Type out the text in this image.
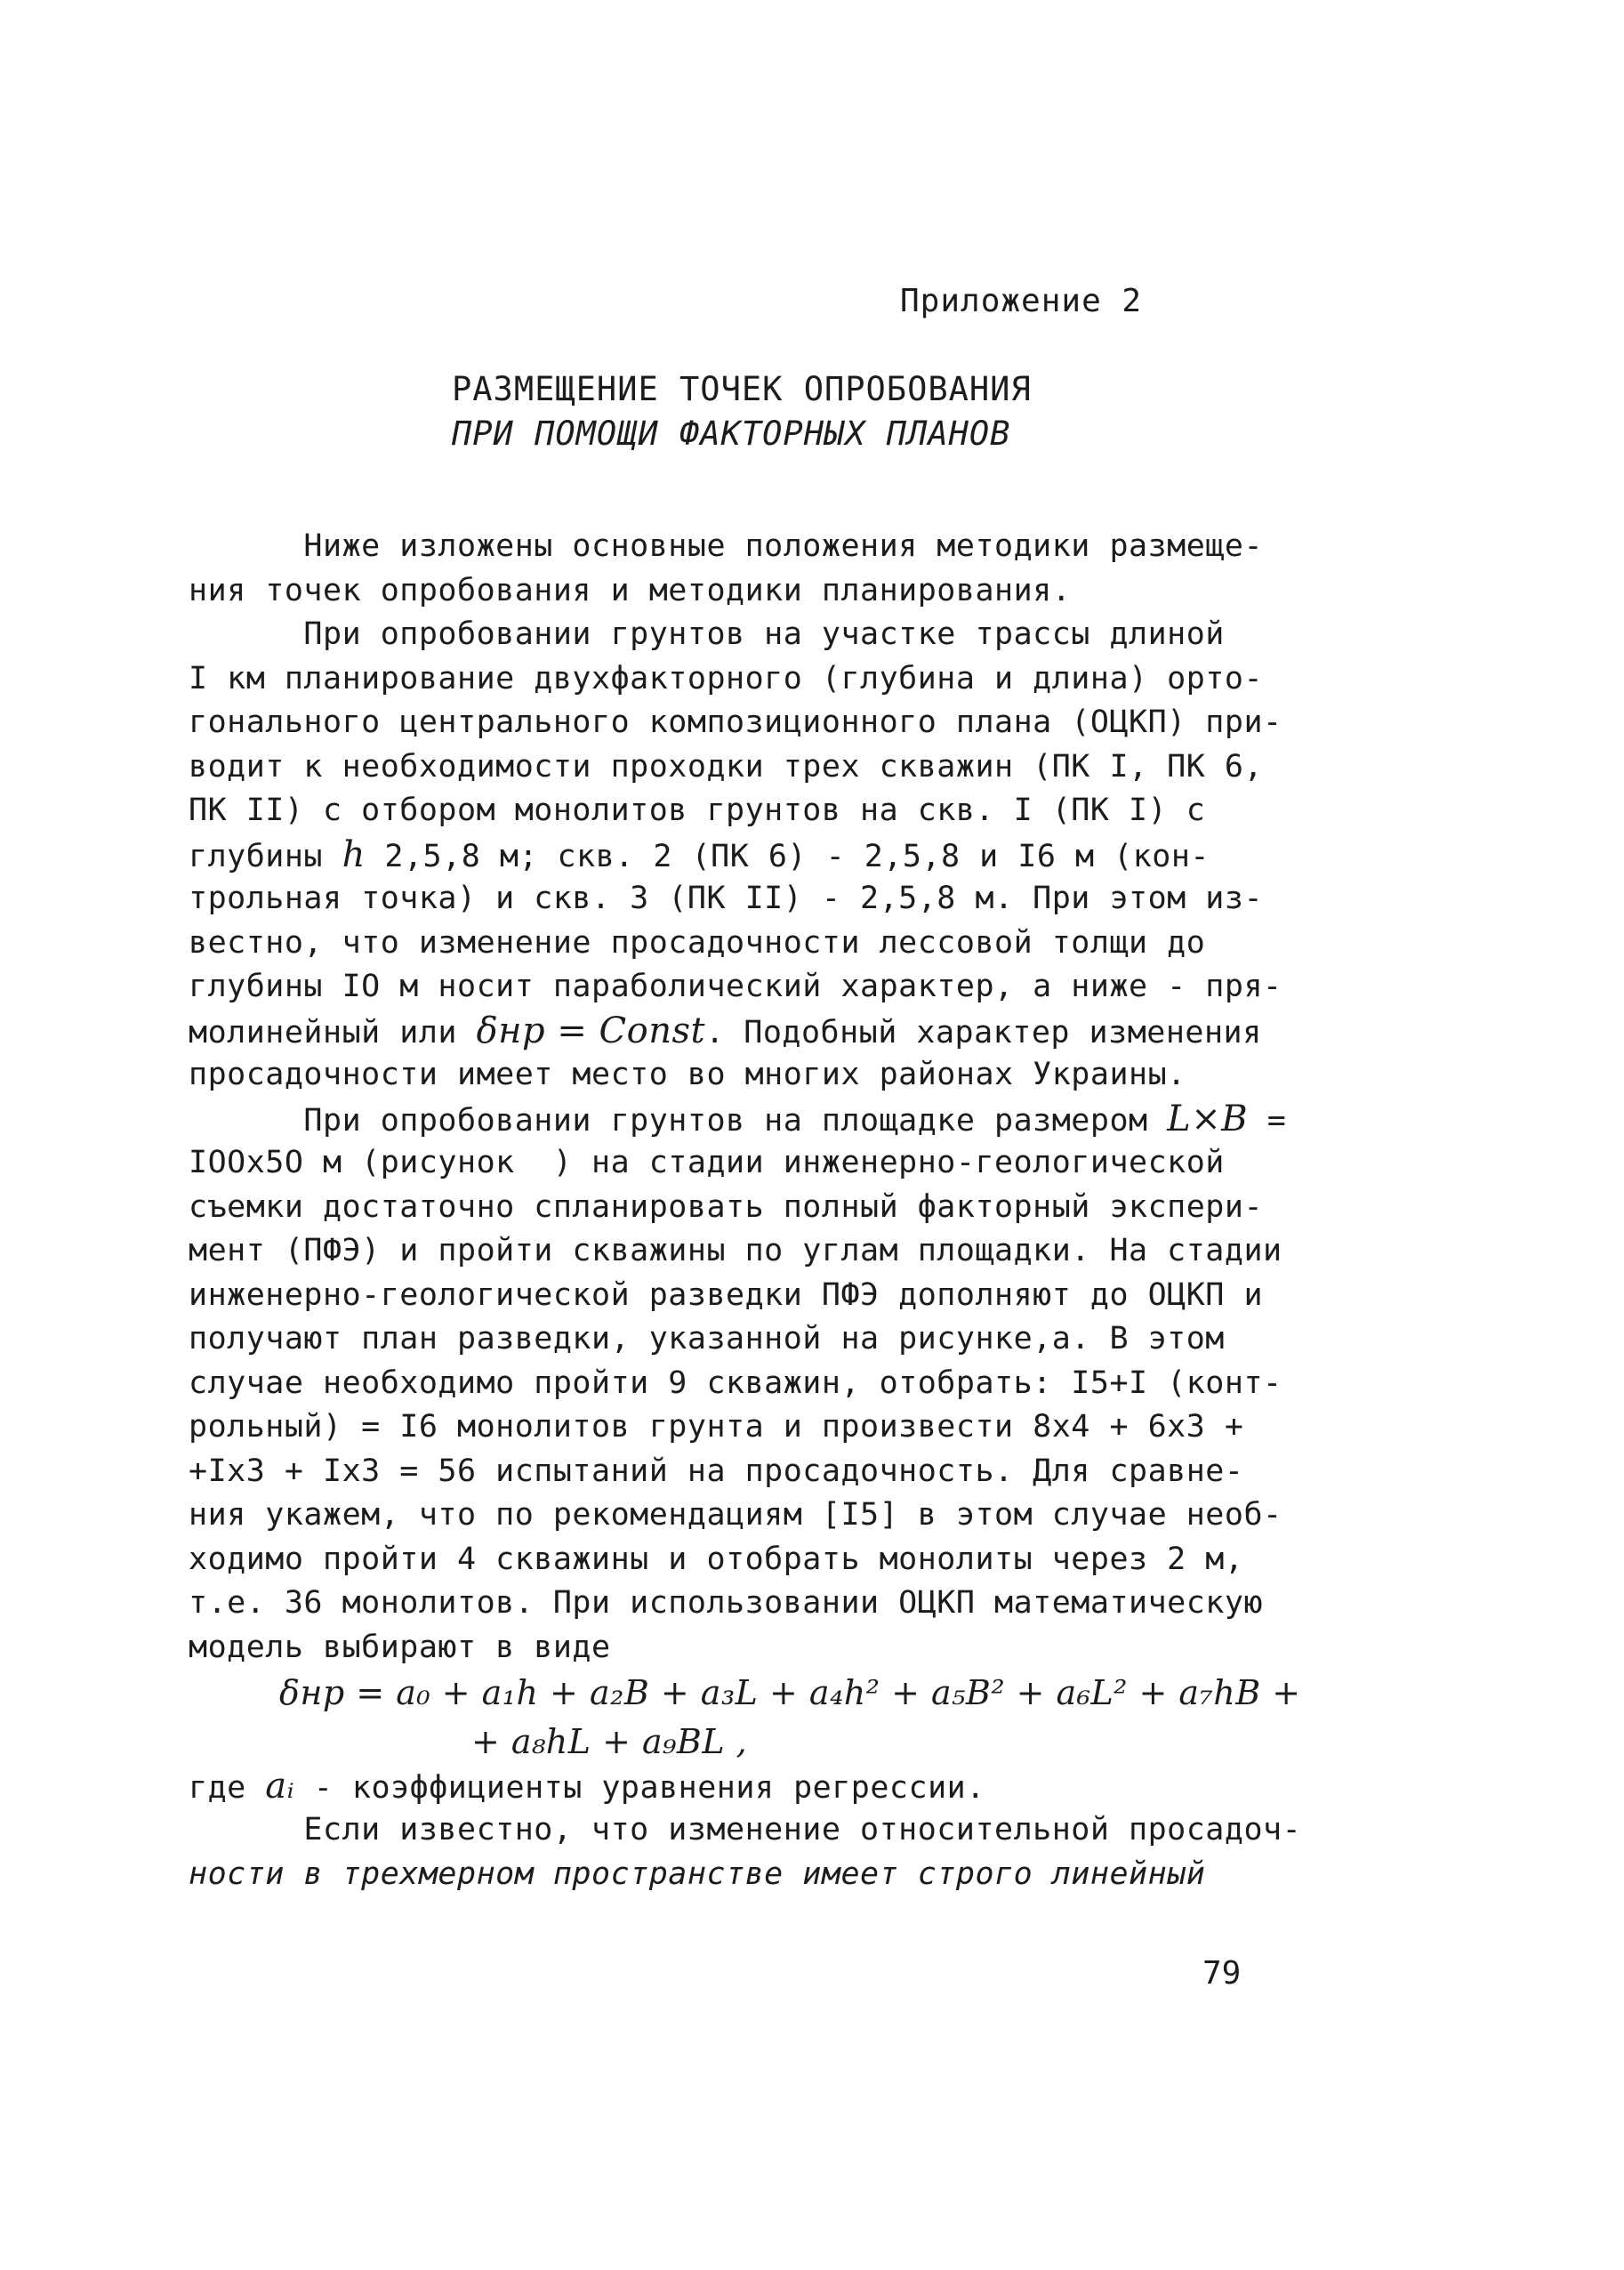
Приложение 2
РАЗМЕЩЕНИЕ ТОЧЕК ОПРОБОВАНИЯ
ПРИ ПОМОЩИ ФАКТОРНЫХ ПЛАНОВ
Ниже изложены основные положения методики размеще-
ния точек опробования и методики планирования.
При опробовании грунтов на участке трассы длиной
I км планирование двухфакторного (глубина и длина) орто-
гонального центрального композиционного плана (ОЦКП) при-
водит к необходимости проходки трех скважин (ПК I, ПК 6,
ПК II) с отбором монолитов грунтов на скв. I (ПК I) с
глубины h 2,5,8 м; скв. 2 (ПК 6) - 2,5,8 и I6 м (кон-
трольная точка) и скв. 3 (ПК II) - 2,5,8 м. При этом из-
вестно, что изменение просадочности лессовой толщи до
глубины IO м носит параболический характер, а ниже - пря-
молинейный или δнр = Const. Подобный характер изменения
просадочности имеет место во многих районах Украины.
При опробовании грунтов на площадке размером L×B =
IOOx5O м (рисунок  ) на стадии инженерно-геологической
съемки достаточно спланировать полный факторный экспери-
мент (ПФЭ) и пройти скважины по углам площадки. На стадии
инженерно-геологической разведки ПФЭ дополняют до ОЦКП и
получают план разведки, указанной на рисунке,а. В этом
случае необходимо пройти 9 скважин, отобрать: I5+I (конт-
рольный) = I6 монолитов грунта и произвести 8x4 + 6x3 +
+Ix3 + Ix3 = 56 испытаний на просадочность. Для сравне-
ния укажем, что по рекомендациям [I5] в этом случае необ-
ходимо пройти 4 скважины и отобрать монолиты через 2 м,
т.е. 36 монолитов. При использовании ОЦКП математическую
модель выбирают в виде
δнр = a₀ + a₁h + a₂B + a₃L + a₄h² + a₅B² + a₆L² + a₇hB +
+ a₈hL + a₉BL ,
где aᵢ - коэффициенты уравнения регрессии.
Если известно, что изменение относительной просадоч-
ности в трехмерном пространстве имеет строго линейный
79
